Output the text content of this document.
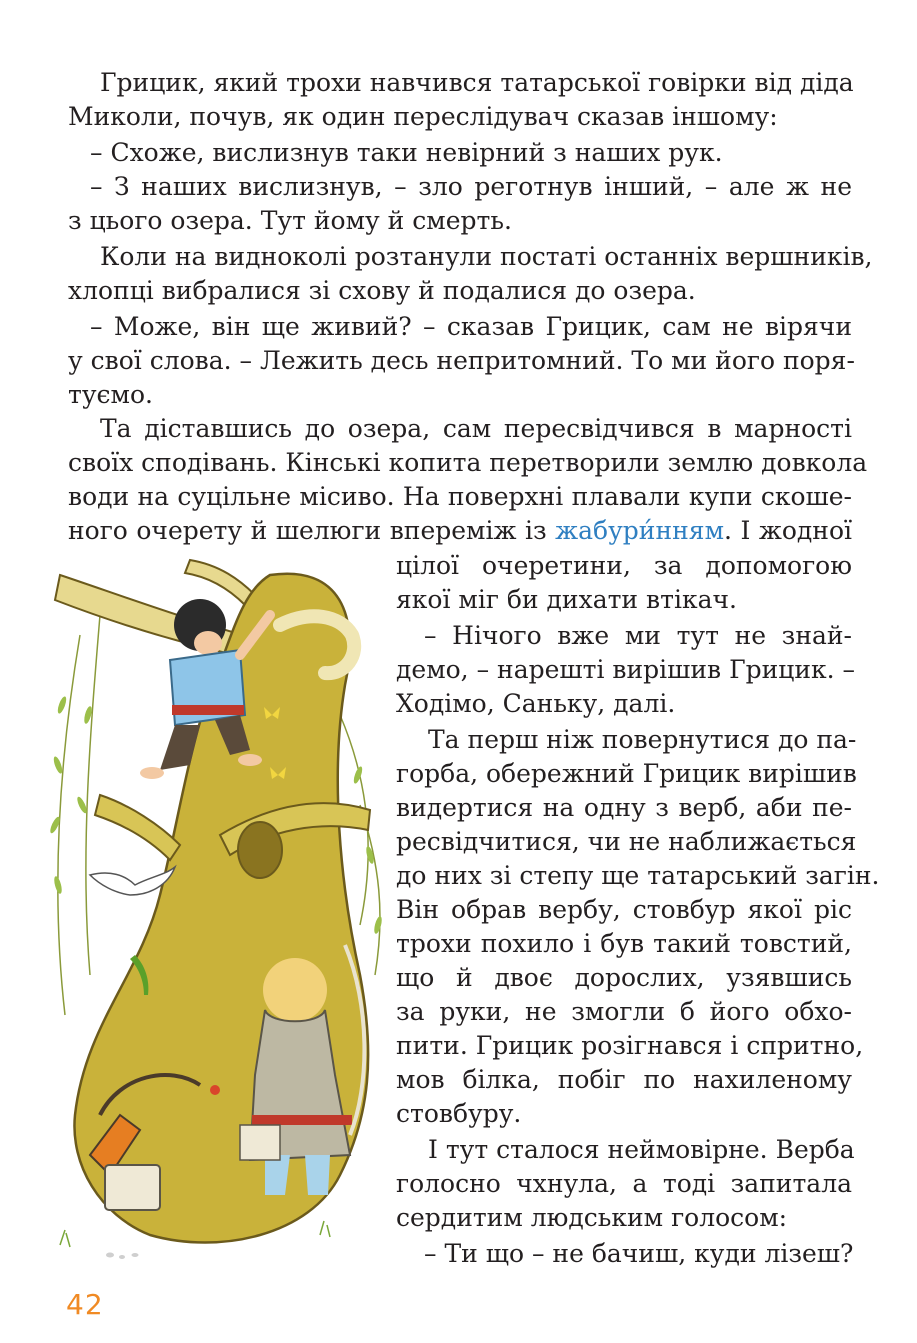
Грицик, який трохи навчився татарської говірки від діда
Миколи, почув, як один переслідувач сказав іншому:
– Схоже, вислизнув таки невірний з наших рук.
– З наших вислизнув, – зло реготнув інший, – але ж не
з цього озера. Тут йому й смерть.
Коли на видноколі розтанули постаті останніх вершників,
хлопці вибралися зі схову й подалися до озера.
– Може, він ще живий? – сказав Грицик, сам не вірячи
у свої слова. – Лежить десь непритомний. То ми його поря-
туємо.
Та діставшись до озера, сам пересвідчився в марності
своїх сподівань. Кінські копита перетворили землю довкола
води на суцільне місиво. На поверхні плавали купи скоше-
ного очерету й шелюги впереміж із жабури́нням. І жодної
цілої очеретини, за допомогою
якої міг би дихати втікач.
– Нічого вже ми тут не знай-
демо, – нарешті вирішив Грицик. –
Ходімо, Саньку, далі.
Та перш ніж повернутися до па-
горба, обережний Грицик вирішив
видертися на одну з верб, аби пе-
ресвідчитися, чи не наближається
до них зі степу ще татарський загін.
Він обрав вербу, стовбур якої ріс
трохи похило і був такий товстий,
що й двоє дорослих, узявшись
за руки, не змогли б його обхо-
пити. Грицик розігнався і спритно,
мов білка, побіг по нахиленому
стовбуру.
І тут сталося неймовірне. Верба
голосно чхнула, а тоді запитала
сердитим людським голосом:
– Ти що – не бачиш, куди лізеш?
42
